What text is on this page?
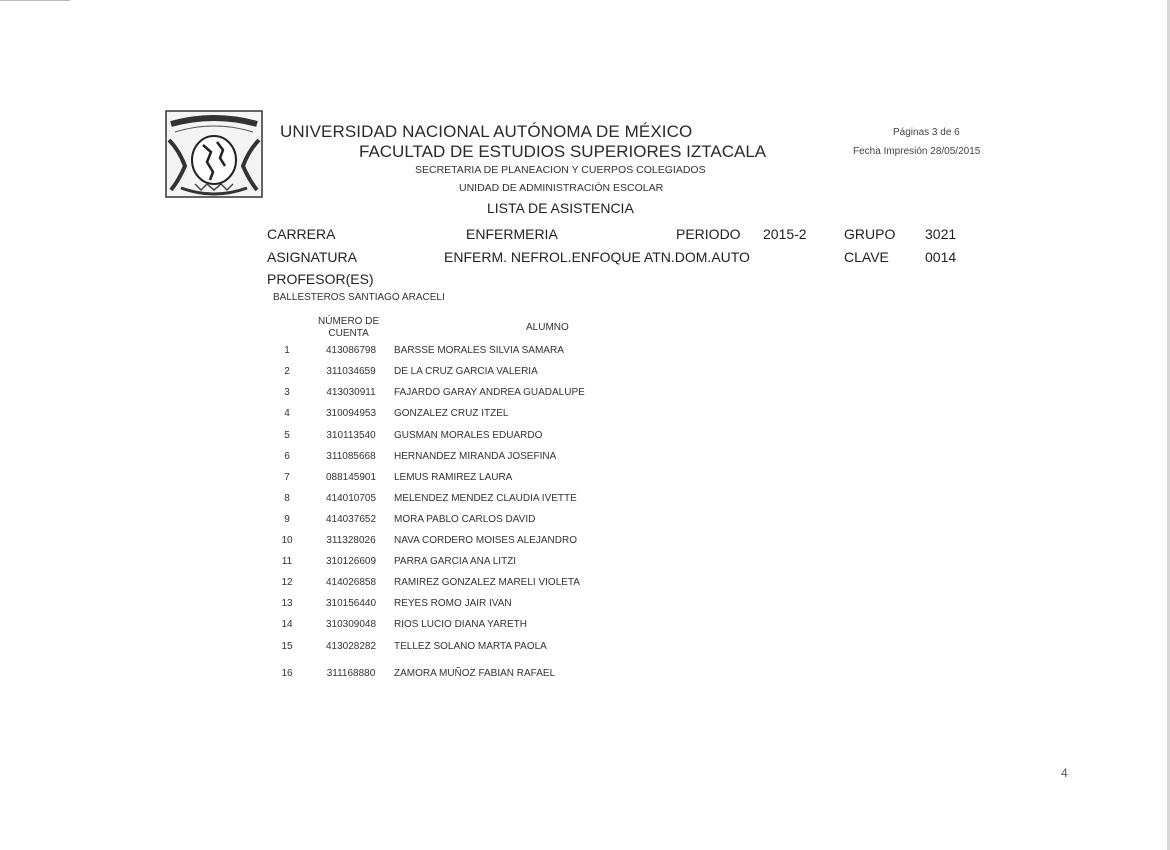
UNIVERSIDAD NACIONAL AUTÓNOMA DE MÉXICO
FACULTAD DE ESTUDIOS SUPERIORES IZTACALA
SECRETARIA DE PLANEACION Y CUERPOS COLEGIADOS
UNIDAD DE ADMINISTRACIÓN ESCOLAR
LISTA DE ASISTENCIA
Páginas 3 de 6
Fecha Impresión 28/05/2015
CARRERA	ENFERMERIA	PERIODO 2015-2	GRUPO 3021
ASIGNATURA	ENFERM. NEFROL.ENFOQUE ATN.DOM.AUTO	CLAVE	0014
PROFESOR(ES)
BALLESTEROS SANTIAGO ARACELI
NÚMERO DE
CUENTA
ALUMNO
1	413086798	BARSSE MORALES SILVIA SAMARA
2	311034659	DE LA CRUZ GARCIA VALERIA
3	413030911	FAJARDO GARAY ANDREA GUADALUPE
4	310094953	GONZALEZ CRUZ ITZEL
5	310113540	GUSMAN MORALES EDUARDO
6	311085668	HERNANDEZ MIRANDA JOSEFINA
7	088145901	LEMUS RAMIREZ LAURA
8	414010705	MELENDEZ MENDEZ CLAUDIA IVETTE
9	414037652	MORA PABLO CARLOS DAVID
10	311328026	NAVA CORDERO MOISES ALEJANDRO
11	310126609	PARRA GARCIA ANA LITZI
12	414026858	RAMIREZ GONZALEZ MARELI VIOLETA
13	310156440	REYES ROMO JAIR IVAN
14	310309048	RIOS LUCIO DIANA YARETH
15	413028282	TELLEZ SOLANO MARTA PAOLA
16	311168880	ZAMORA MUÑOZ FABIAN RAFAEL
4
